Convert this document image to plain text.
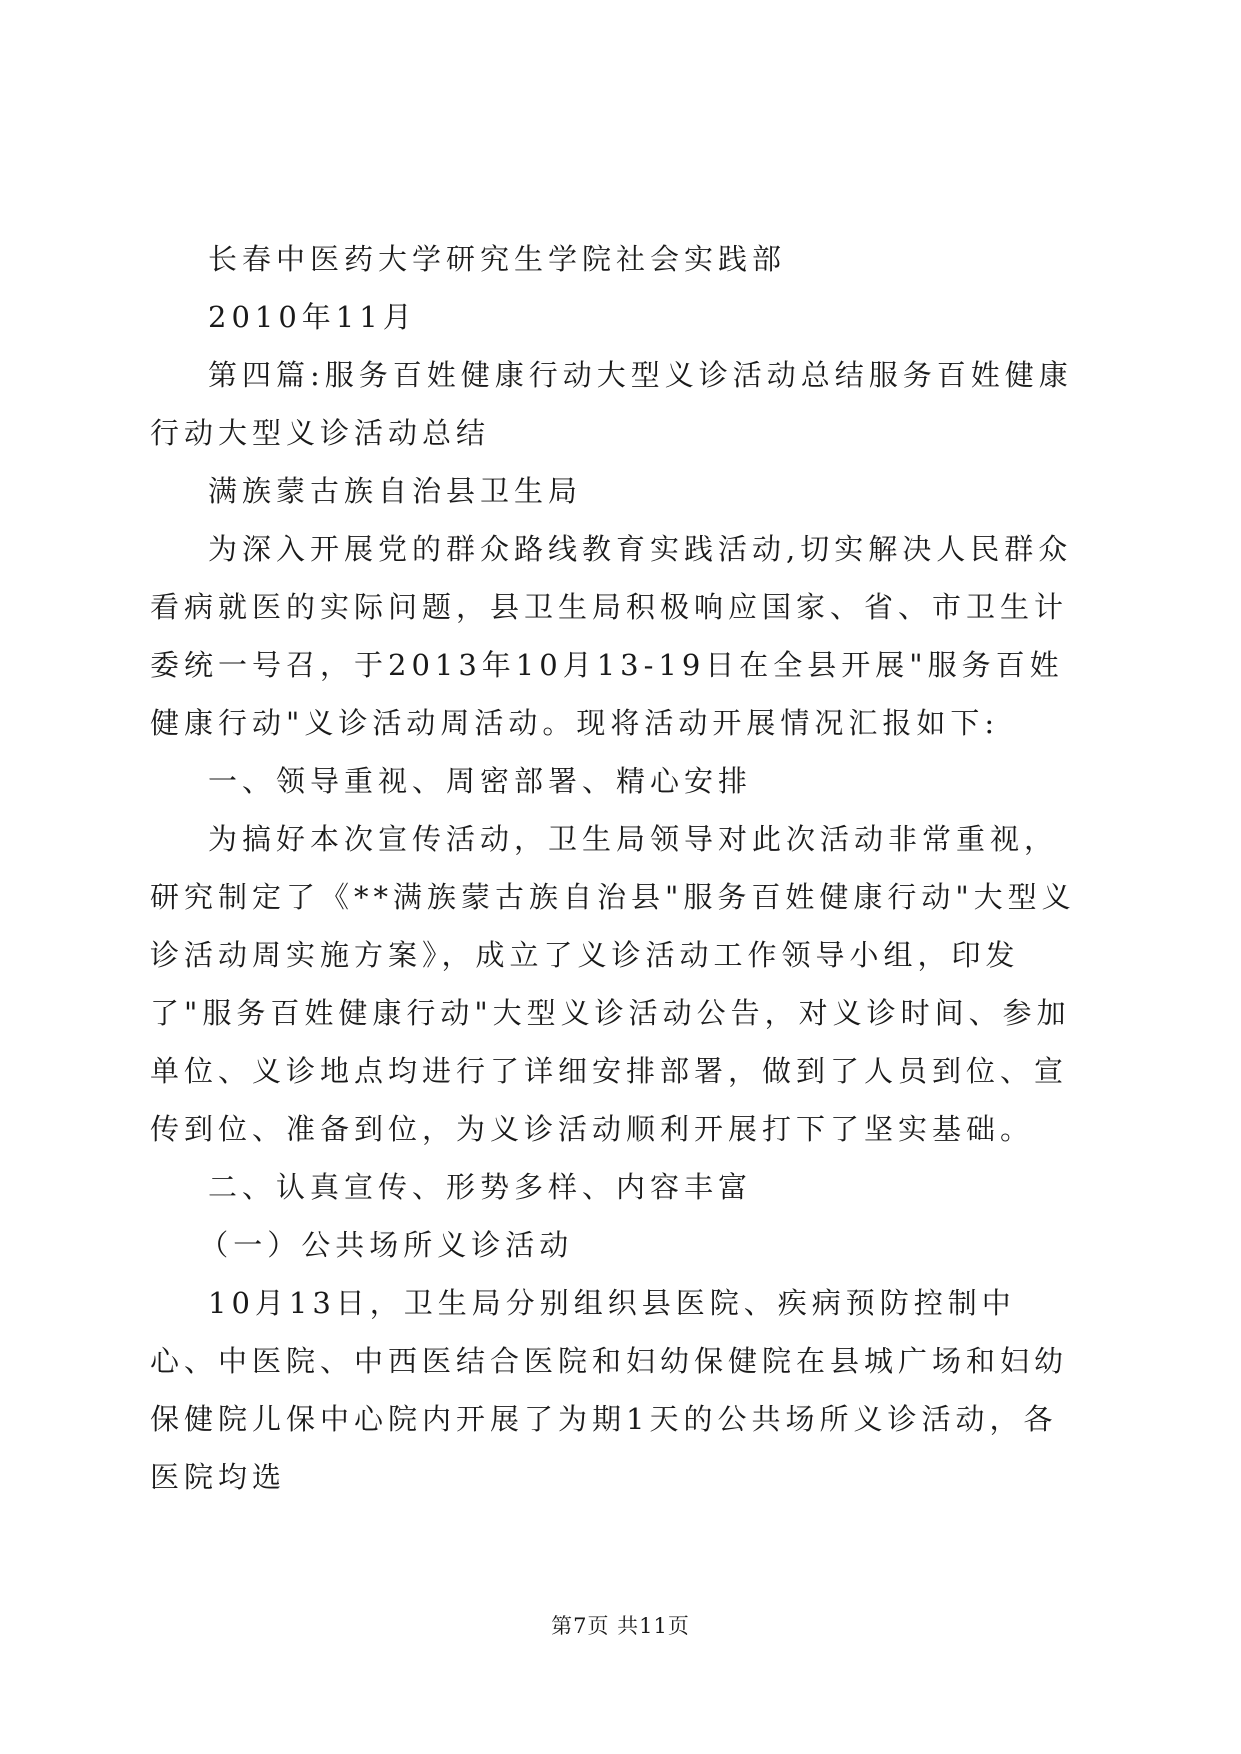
长春中医药大学研究生学院社会实践部

2010年11月

第四篇:服务百姓健康行动大型义诊活动总结服务百姓健康行动大型义诊活动总结

满族蒙古族自治县卫生局

为深入开展党的群众路线教育实践活动,切实解决人民群众看病就医的实际问题，县卫生局积极响应国家、省、市卫生计委统一号召，于2013年10月13-19日在全县开展"服务百姓健康行动"义诊活动周活动。现将活动开展情况汇报如下:

一、领导重视、周密部署、精心安排

为搞好本次宣传活动，卫生局领导对此次活动非常重视，研究制定了《**满族蒙古族自治县"服务百姓健康行动"大型义诊活动周实施方案》，成立了义诊活动工作领导小组，印发了"服务百姓健康行动"大型义诊活动公告，对义诊时间、参加单位、义诊地点均进行了详细安排部署，做到了人员到位、宣传到位、准备到位，为义诊活动顺利开展打下了坚实基础。

二、认真宣传、形势多样、内容丰富

（一）公共场所义诊活动

10月13日，卫生局分别组织县医院、疾病预防控制中心、中医院、中西医结合医院和妇幼保健院在县城广场和妇幼保健院儿保中心院内开展了为期1天的公共场所义诊活动，各医院均选

第7页 共11页
